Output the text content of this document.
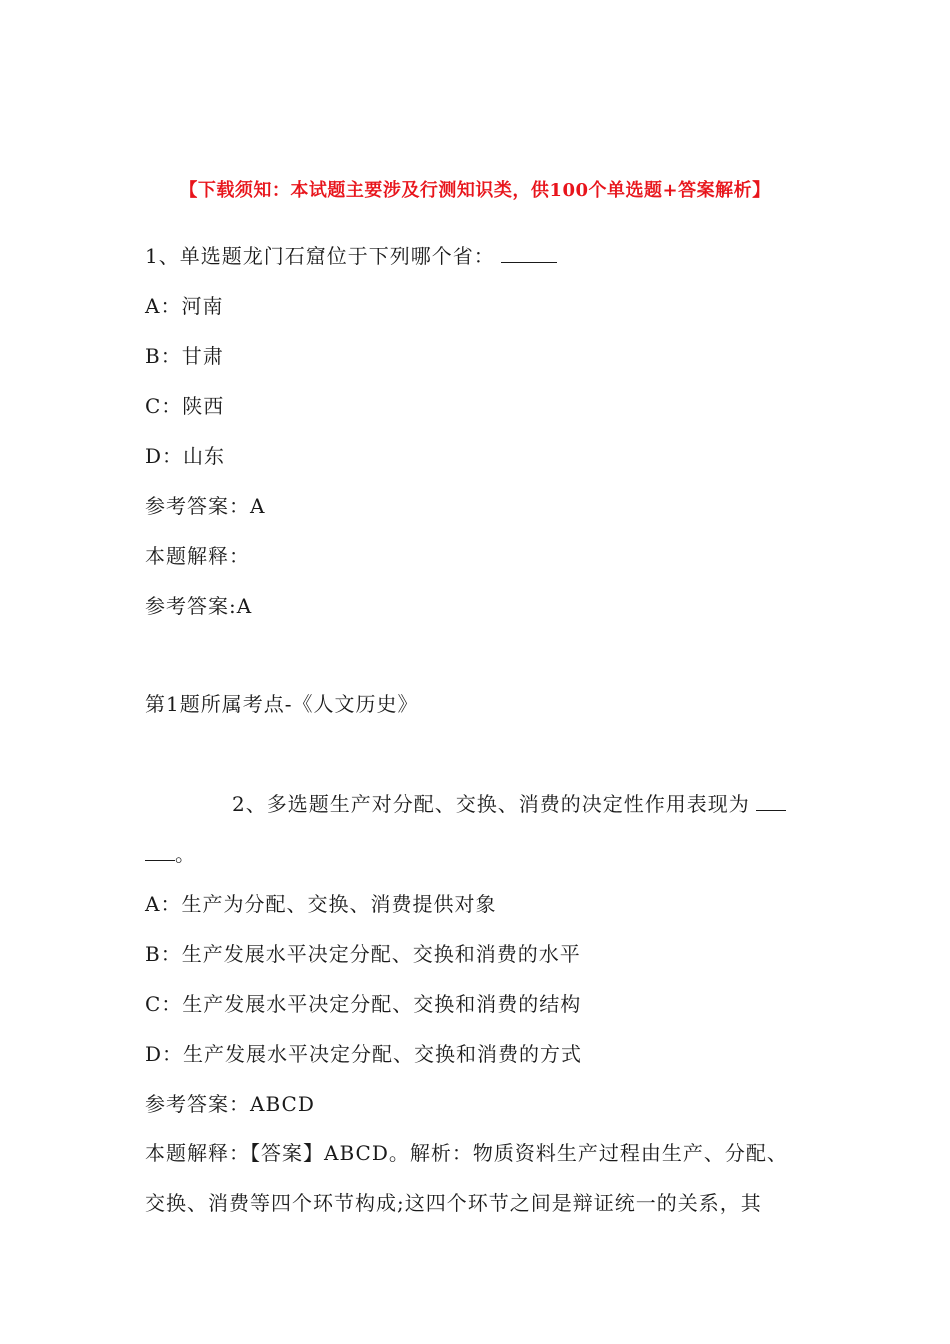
【下载须知：本试题主要涉及行测知识类，供100个单选题+答案解析】
1、单选题龙门石窟位于下列哪个省：
A：河南
B：甘肃
C：陕西
D：山东
参考答案：A
本题解释：
参考答案:A
第1题所属考点-《人文历史》
2、多选题生产对分配、交换、消费的决定性作用表现为
。
A：生产为分配、交换、消费提供对象
B：生产发展水平决定分配、交换和消费的水平
C：生产发展水平决定分配、交换和消费的结构
D：生产发展水平决定分配、交换和消费的方式
参考答案：ABCD
本题解释：【答案】ABCD。解析：物质资料生产过程由生产、分配、
交换、消费等四个环节构成;这四个环节之间是辩证统一的关系，其
